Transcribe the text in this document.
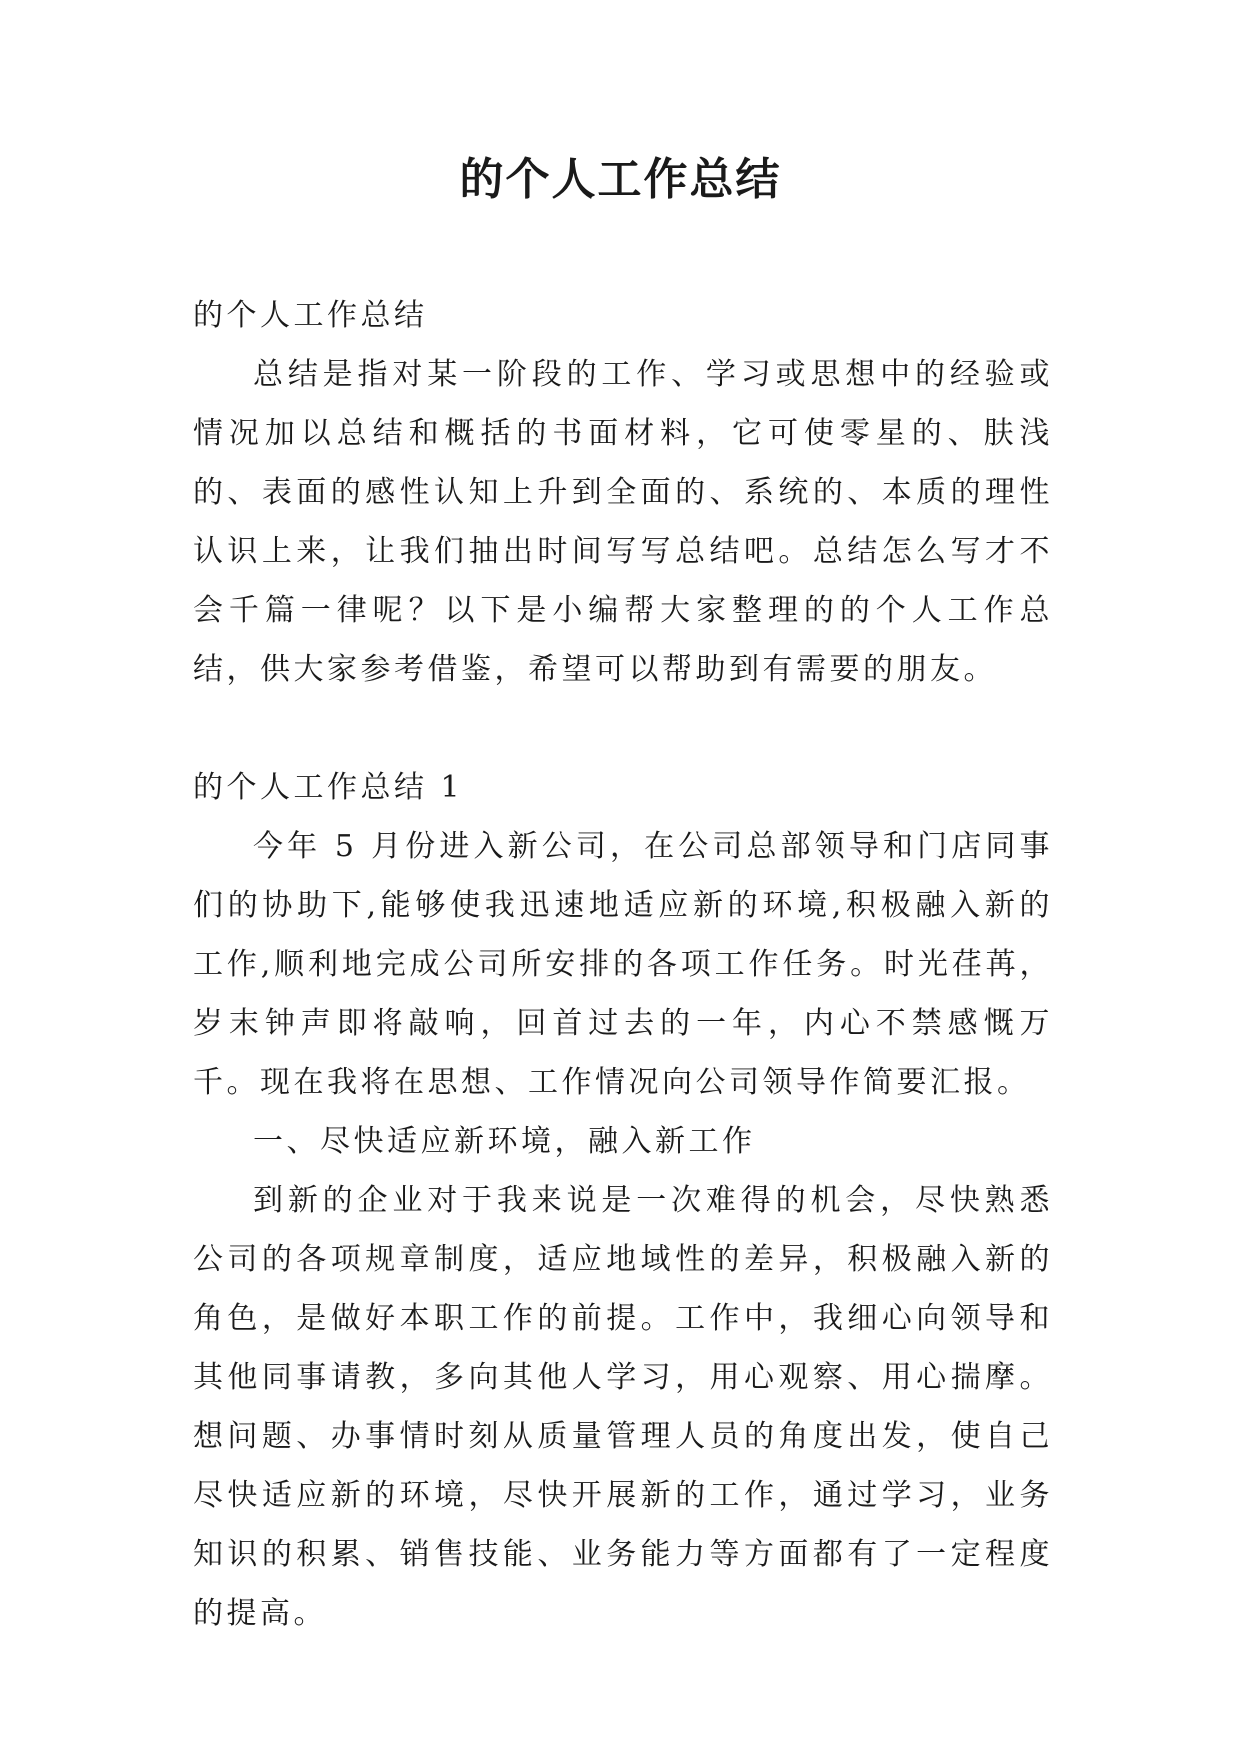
的个人工作总结

的个人工作总结

总结是指对某一阶段的工作、学习或思想中的经验或情况加以总结和概括的书面材料，它可使零星的、肤浅的、表面的感性认知上升到全面的、系统的、本质的理性认识上来，让我们抽出时间写写总结吧。总结怎么写才不会千篇一律呢？以下是小编帮大家整理的的个人工作总结，供大家参考借鉴，希望可以帮助到有需要的朋友。

的个人工作总结 1

今年 5 月份进入新公司，在公司总部领导和门店同事们的协助下,能够使我迅速地适应新的环境,积极融入新的工作,顺利地完成公司所安排的各项工作任务。时光荏苒，岁末钟声即将敲响，回首过去的一年，内心不禁感慨万千。现在我将在思想、工作情况向公司领导作简要汇报。

一、尽快适应新环境，融入新工作

到新的企业对于我来说是一次难得的机会，尽快熟悉公司的各项规章制度，适应地域性的差异，积极融入新的角色，是做好本职工作的前提。工作中，我细心向领导和其他同事请教，多向其他人学习，用心观察、用心揣摩。想问题、办事情时刻从质量管理人员的角度出发，使自己尽快适应新的环境，尽快开展新的工作，通过学习，业务知识的积累、销售技能、业务能力等方面都有了一定程度的提高。
